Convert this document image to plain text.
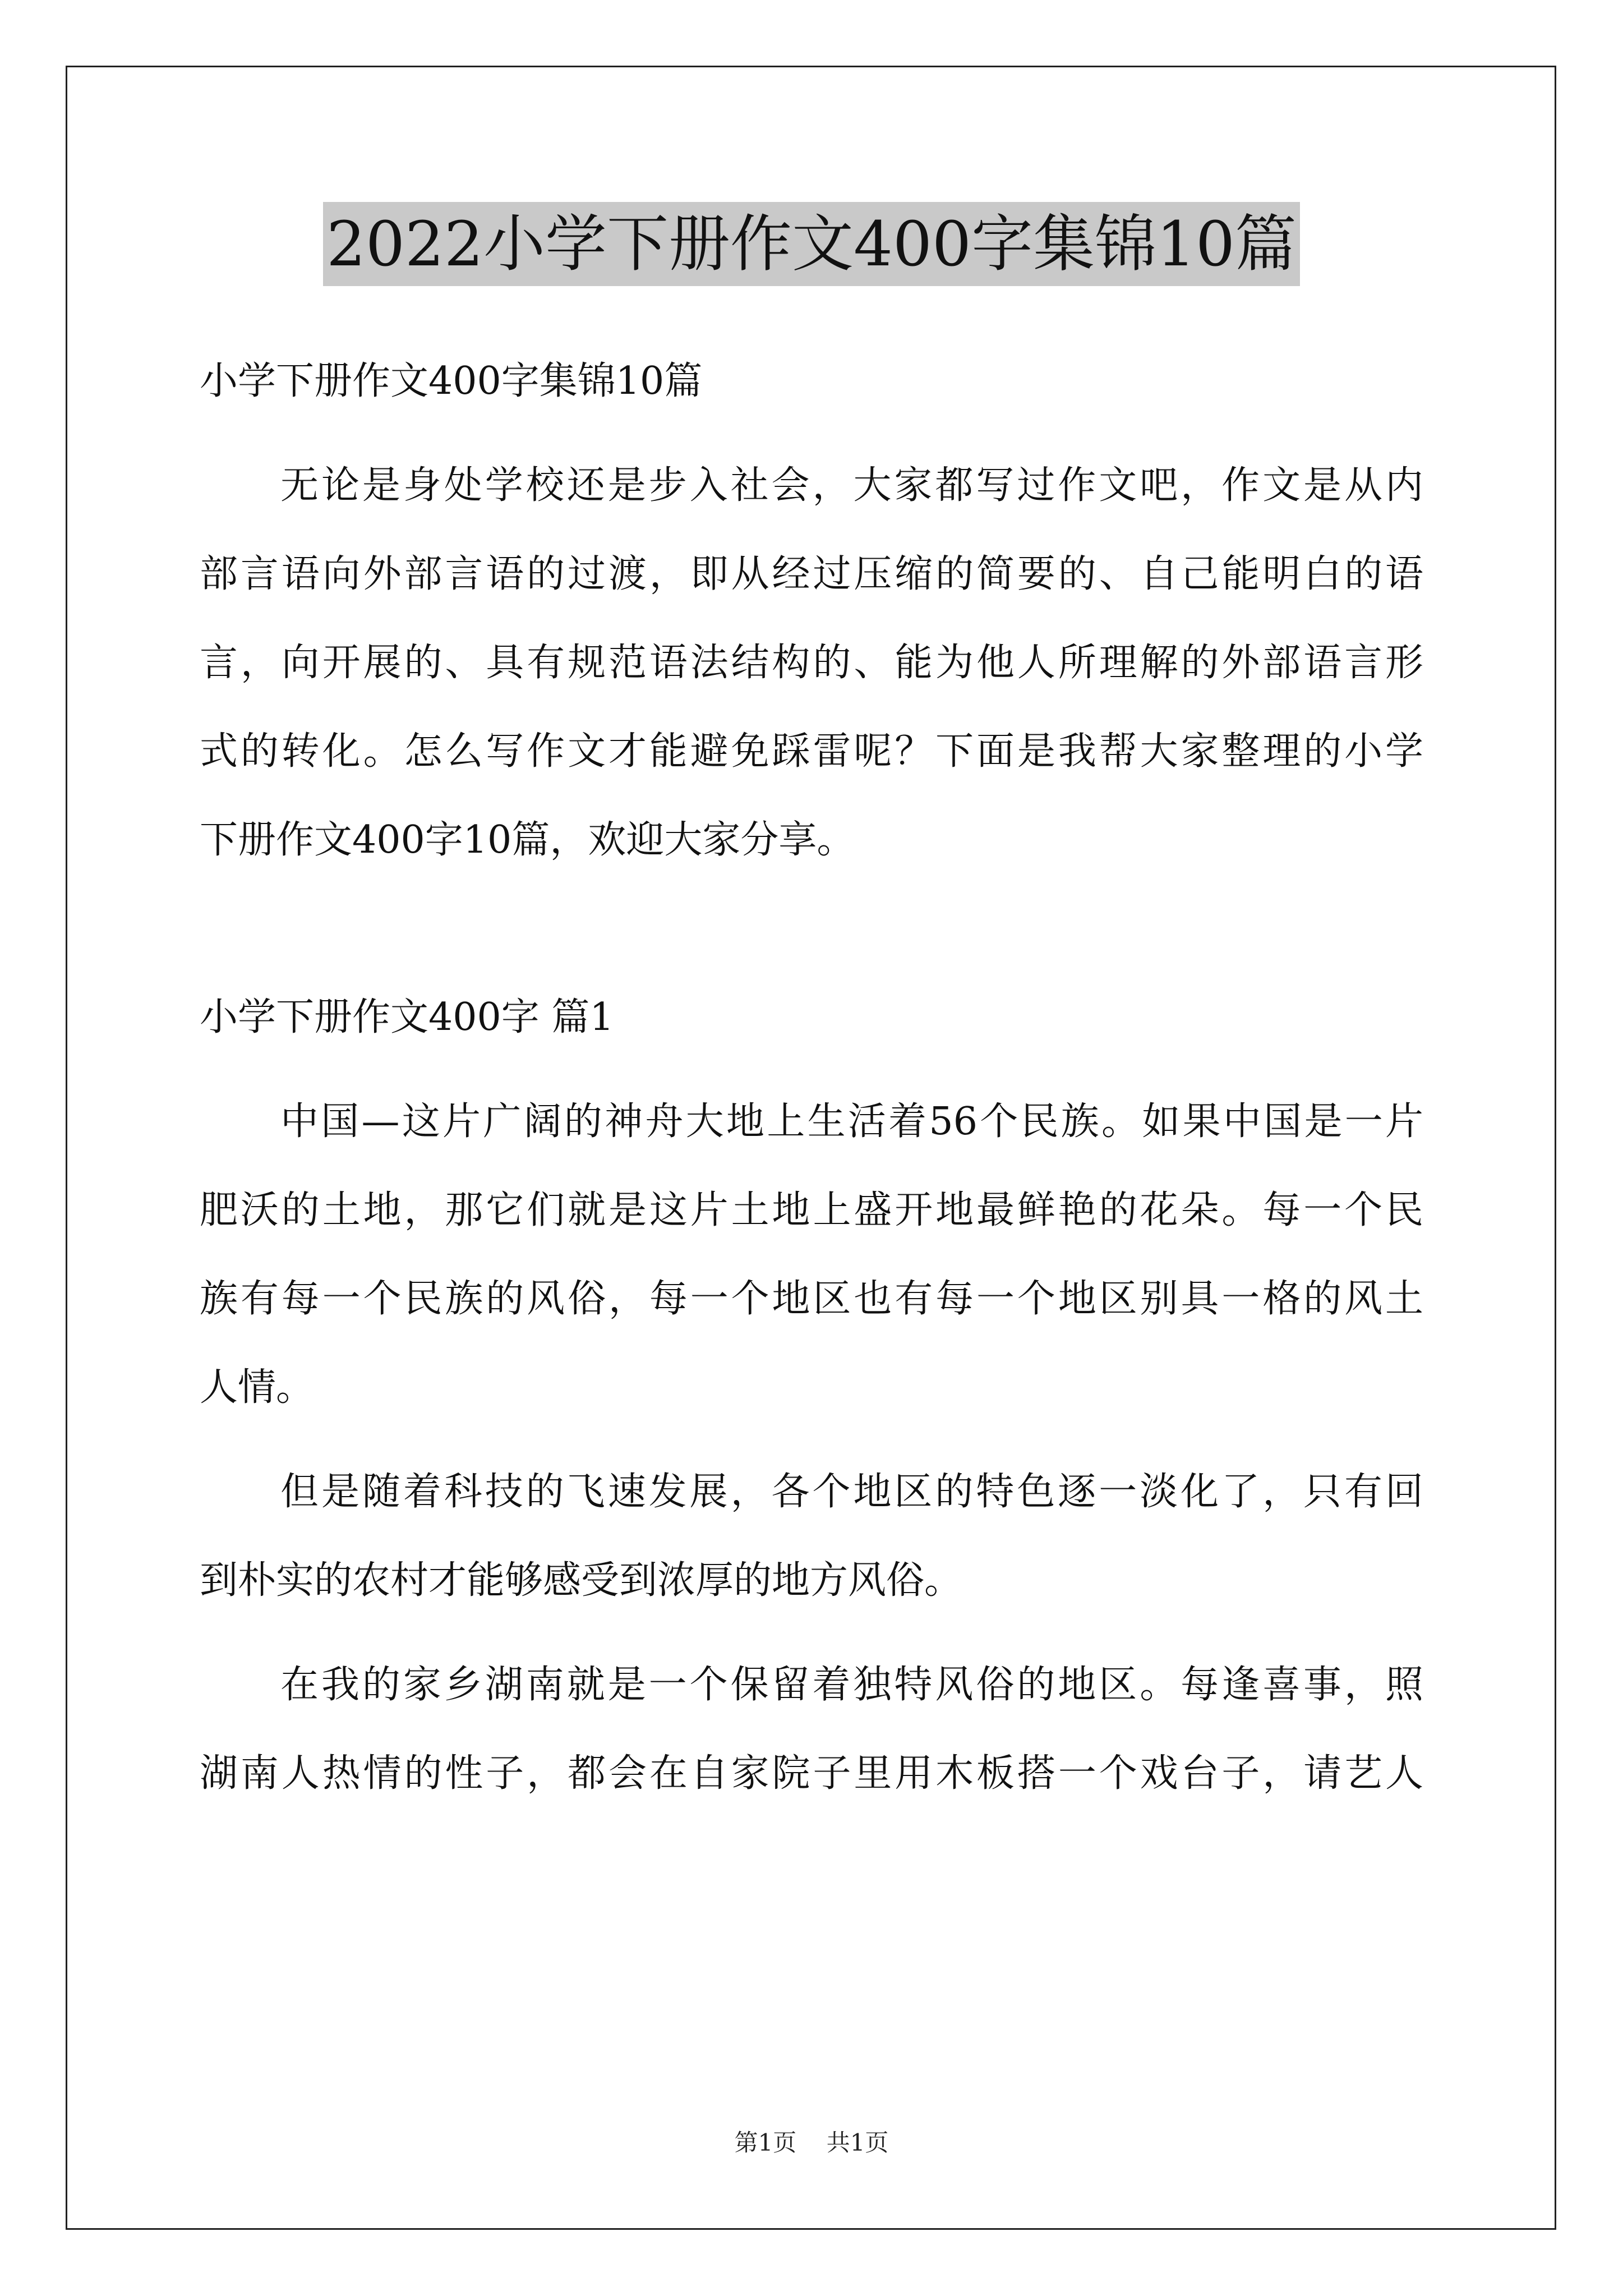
2022小学下册作文400字集锦10篇
小学下册作文400字集锦10篇
无论是身处学校还是步入社会，大家都写过作文吧，作文是从内
部言语向外部言语的过渡，即从经过压缩的简要的、自己能明白的语
言，向开展的、具有规范语法结构的、能为他人所理解的外部语言形
式的转化。怎么写作文才能避免踩雷呢？下面是我帮大家整理的小学
下册作文400字10篇，欢迎大家分享。
小学下册作文400字 篇1
中国—这片广阔的神舟大地上生活着56个民族。如果中国是一片
肥沃的土地，那它们就是这片土地上盛开地最鲜艳的花朵。每一个民
族有每一个民族的风俗，每一个地区也有每一个地区别具一格的风土
人情。
但是随着科技的飞速发展，各个地区的特色逐一淡化了，只有回
到朴实的农村才能够感受到浓厚的地方风俗。
在我的家乡湖南就是一个保留着独特风俗的地区。每逢喜事，照
湖南人热情的性子，都会在自家院子里用木板搭一个戏台子，请艺人
第1页 共1页
